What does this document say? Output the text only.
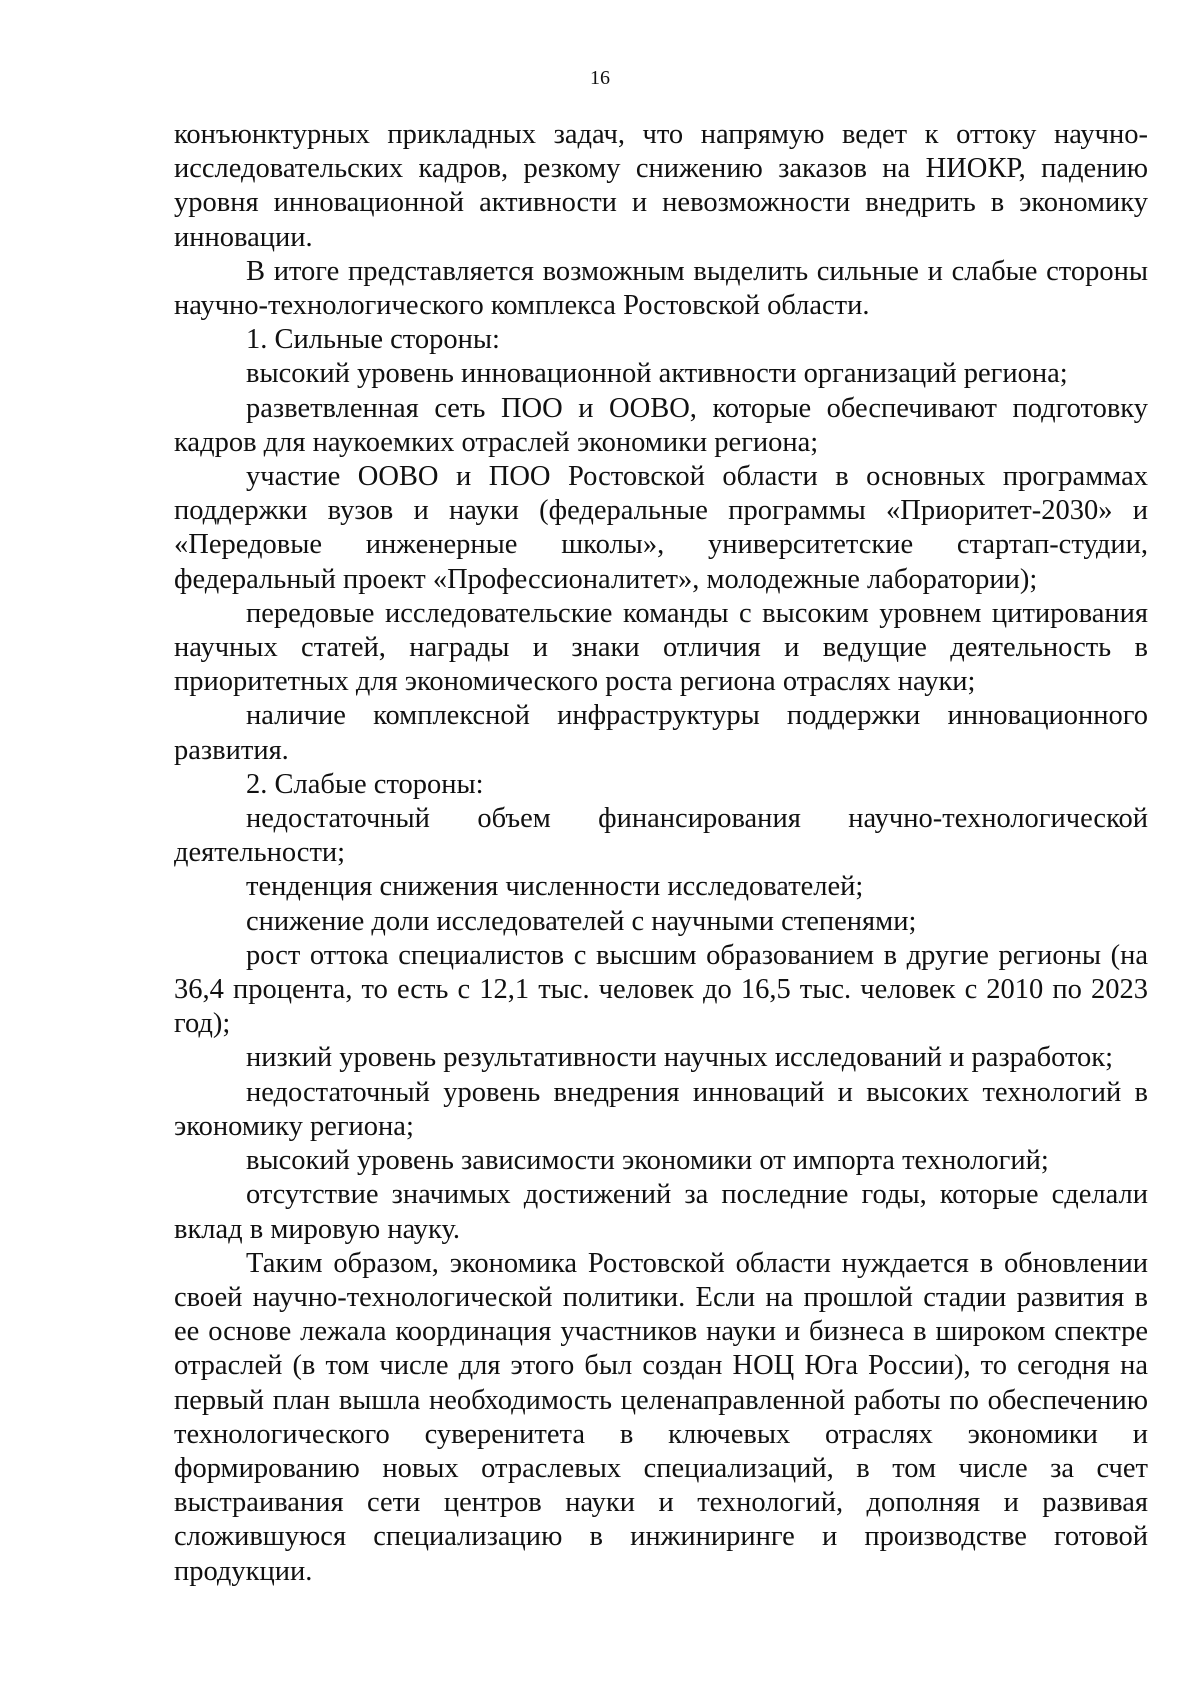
16

конъюнктурных прикладных задач, что напрямую ведет к оттоку научно-исследовательских кадров, резкому снижению заказов на НИОКР, падению уровня инновационной активности и невозможности внедрить в экономику инновации.

В итоге представляется возможным выделить сильные и слабые стороны научно-технологического комплекса Ростовской области.

1. Сильные стороны:

высокий уровень инновационной активности организаций региона;

разветвленная сеть ПОО и ООВО, которые обеспечивают подготовку кадров для наукоемких отраслей экономики региона;

участие ООВО и ПОО Ростовской области в основных программах поддержки вузов и науки (федеральные программы «Приоритет-2030» и «Передовые инженерные школы», университетские стартап-студии, федеральный проект «Профессионалитет», молодежные лаборатории);

передовые исследовательские команды с высоким уровнем цитирования научных статей, награды и знаки отличия и ведущие деятельность в приоритетных для экономического роста региона отраслях науки;

наличие комплексной инфраструктуры поддержки инновационного развития.

2. Слабые стороны:

недостаточный объем финансирования научно-технологической деятельности;

тенденция снижения численности исследователей;

снижение доли исследователей с научными степенями;

рост оттока специалистов с высшим образованием в другие регионы (на 36,4 процента, то есть с 12,1 тыс. человек до 16,5 тыс. человек с 2010 по 2023 год);

низкий уровень результативности научных исследований и разработок;

недостаточный уровень внедрения инноваций и высоких технологий в экономику региона;

высокий уровень зависимости экономики от импорта технологий;

отсутствие значимых достижений за последние годы, которые сделали вклад в мировую науку.

Таким образом, экономика Ростовской области нуждается в обновлении своей научно-технологической политики. Если на прошлой стадии развития в ее основе лежала координация участников науки и бизнеса в широком спектре отраслей (в том числе для этого был создан НОЦ Юга России), то сегодня на первый план вышла необходимость целенаправленной работы по обеспечению технологического суверенитета в ключевых отраслях экономики и формированию новых отраслевых специализаций, в том числе за счет выстраивания сети центров науки и технологий, дополняя и развивая сложившуюся специализацию в инжиниринге и производстве готовой продукции.
